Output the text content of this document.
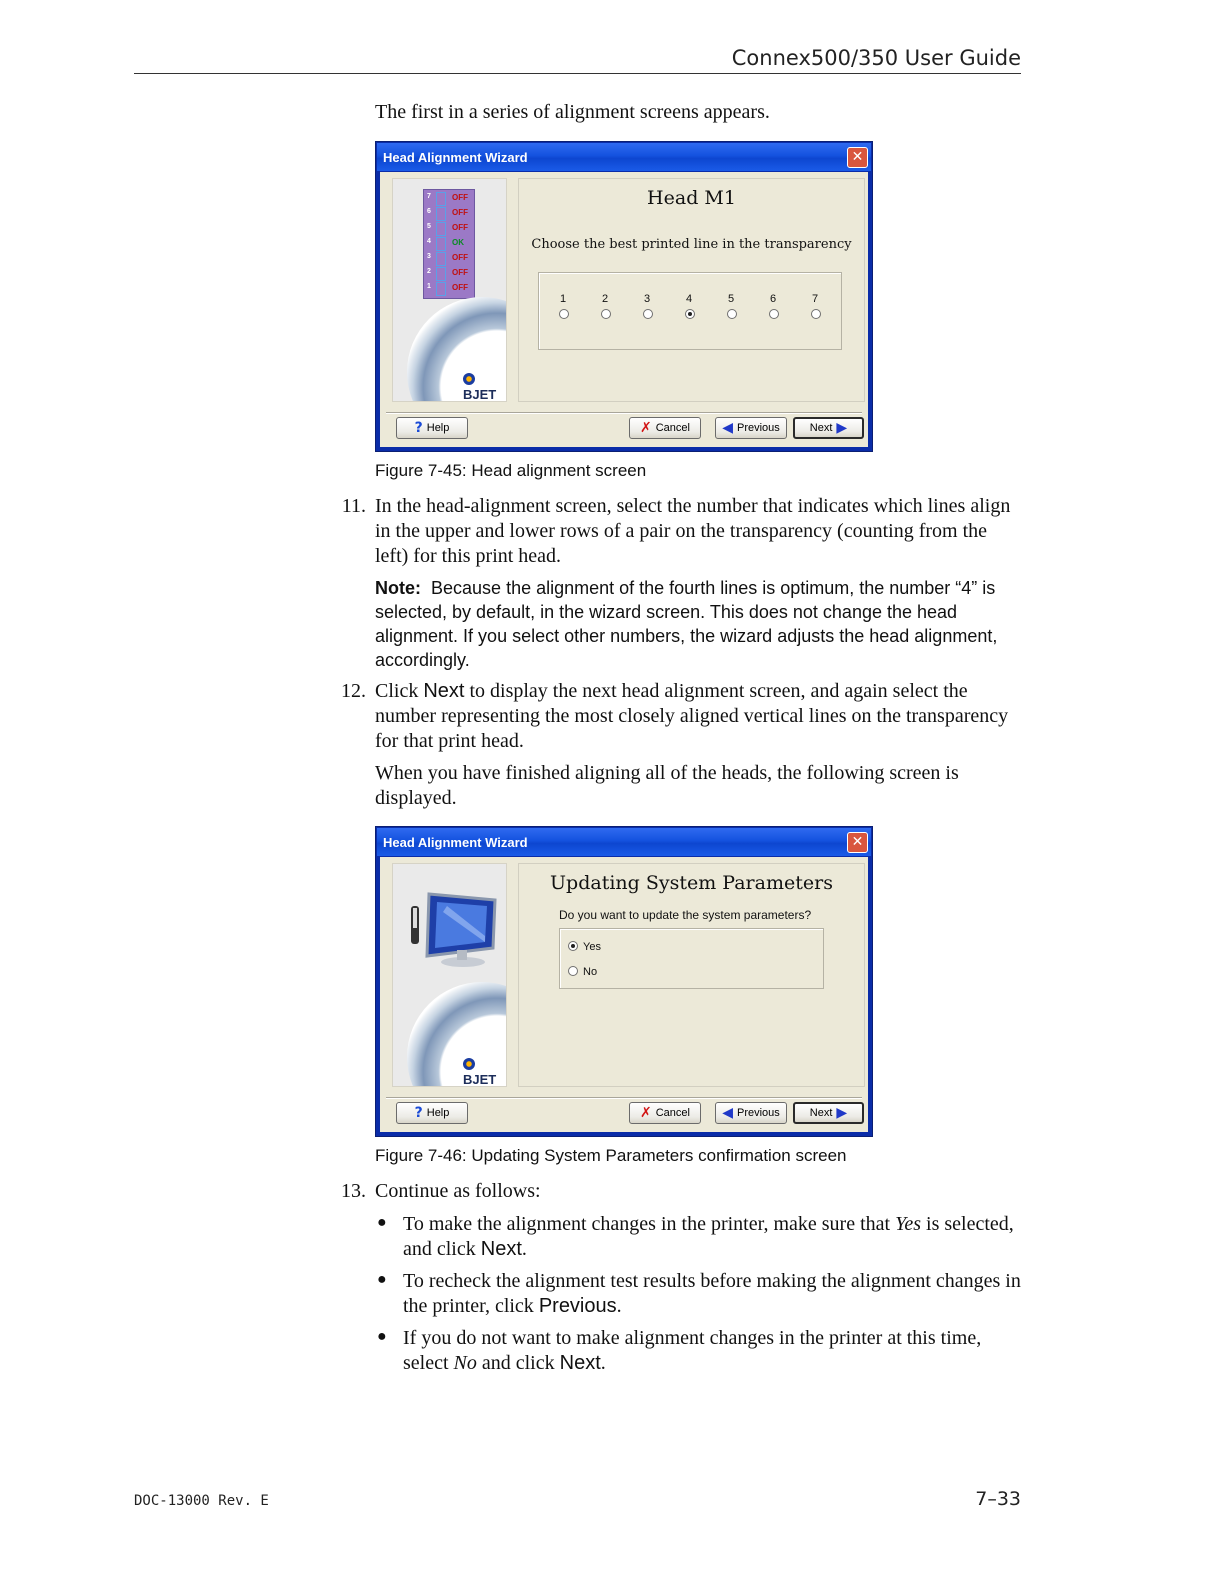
Connex500/350 User Guide
The first in a series of alignment screens appears.
Head Alignment Wizard	✕
7	OFF
6	OFF
5	OFF
4	OK
3	OFF
2	OFF
1	OFF
BJET
Head M1
Choose the best printed line in the transparency
1	2	3	4	5	6	7
? Help	✗ Cancel ◀ Previous	Next ▶
Figure 7-45: Head alignment screen
11. In the head-alignment screen, select the number that indicates which lines align in the upper and lower rows of a pair on the transparency (counting from the left) for this print head.
Note: Because the alignment of the fourth lines is optimum, the number “4” is selected, by default, in the wizard screen. This does not change the head alignment. If you select other numbers, the wizard adjusts the head alignment, accordingly.
12. Click Next to display the next head alignment screen, and again select the number representing the most closely aligned vertical lines on the transparency for that print head.
When you have finished aligning all of the heads, the following screen is displayed.
Head Alignment Wizard	✕
BJET
Updating System Parameters
Do you want to update the system parameters?
Yes
No
? Help	✗ Cancel ◀ Previous	Next ▶
Figure 7-46: Updating System Parameters confirmation screen
13. Continue as follows:
● To make the alignment changes in the printer, make sure that Yes is selected, and click Next.
● To recheck the alignment test results before making the alignment changes in the printer, click Previous.
● If you do not want to make alignment changes in the printer at this time, select No and click Next.
DOC-13000 Rev. E	7–33
